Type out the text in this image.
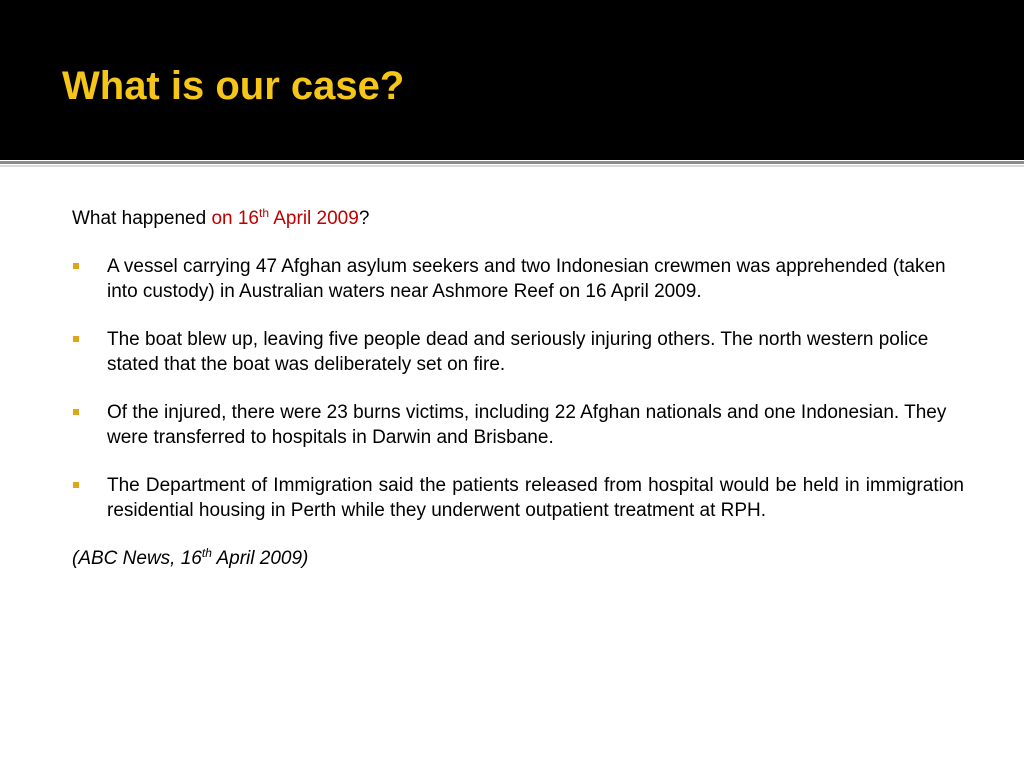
What is our case?

What happened on 16th April 2009?

A vessel carrying 47 Afghan asylum seekers and two Indonesian crewmen was apprehended (taken into custody) in Australian waters near Ashmore Reef on 16 April 2009.
The boat blew up, leaving five people dead and seriously injuring others. The north western police stated that the boat was deliberately set on fire.
Of the injured, there were 23 burns victims, including 22 Afghan nationals and one Indonesian. They were transferred to hospitals in Darwin and Brisbane.
The Department of Immigration said the patients released from hospital would be held in immigration residential housing in Perth while they underwent outpatient treatment at RPH.

(ABC News, 16th April 2009)
